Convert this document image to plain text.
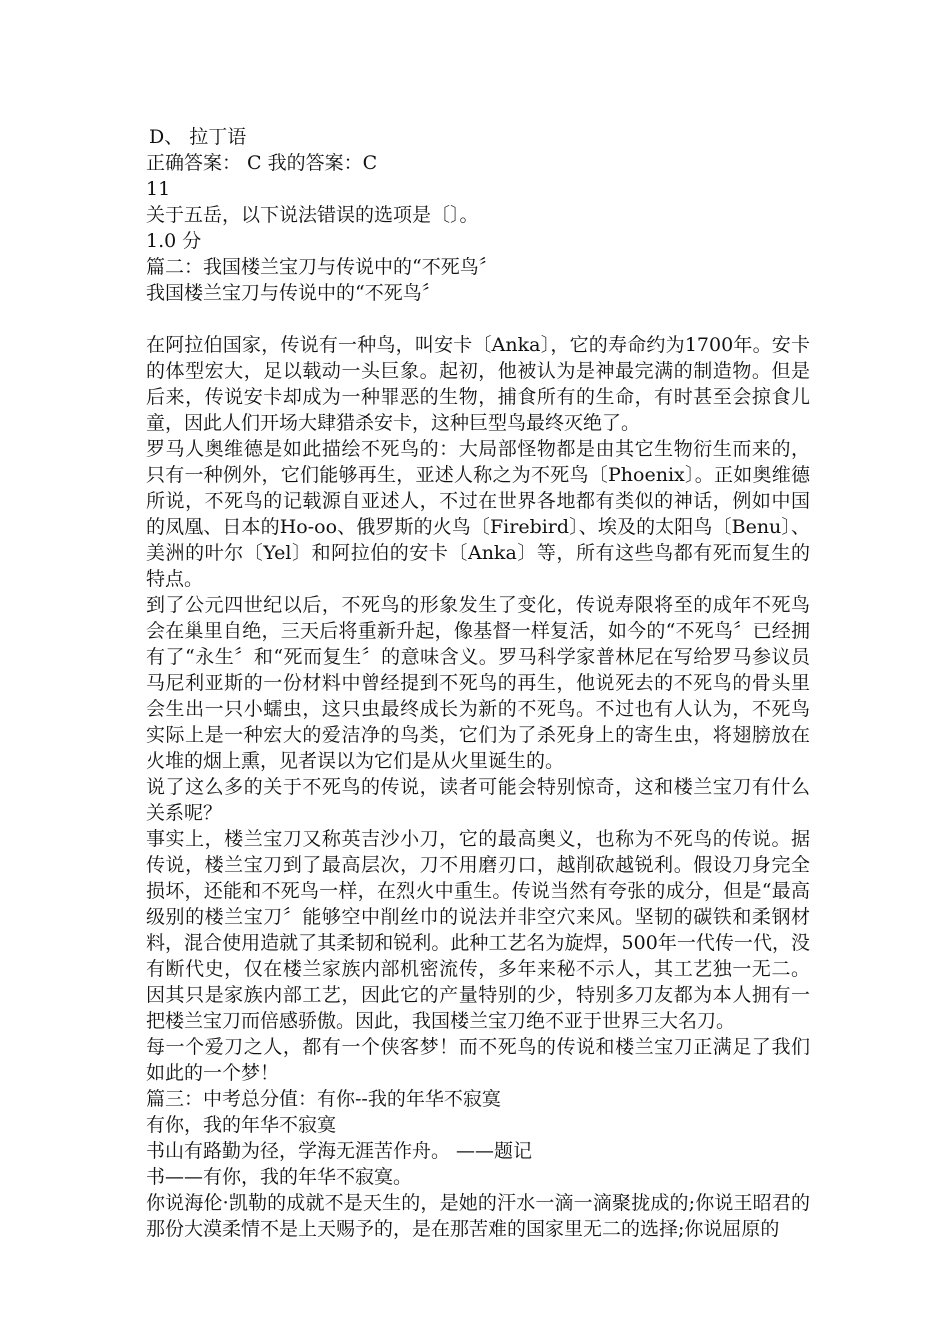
D、 拉丁语
正确答案： C 我的答案：C
11
关于五岳，以下说法错误的选项是〔〕。
1.0 分
篇二：我国楼兰宝刀与传说中的“不死鸟〞
我国楼兰宝刀与传说中的“不死鸟〞
在阿拉伯国家，传说有一种鸟，叫安卡〔Anka〕，它的寿命约为1700年。安卡的体型宏大，足以载动一头巨象。起初，他被认为是神最完满的制造物。但是后来，传说安卡却成为一种罪恶的生物，捕食所有的生命，有时甚至会掠食儿童，因此人们开场大肆猎杀安卡，这种巨型鸟最终灭绝了。
罗马人奥维德是如此描绘不死鸟的：大局部怪物都是由其它生物衍生而来的，只有一种例外，它们能够再生，亚述人称之为不死鸟〔Phoenix〕。正如奥维德所说，不死鸟的记载源自亚述人，不过在世界各地都有类似的神话，例如中国的凤凰、日本的Ho-oo、俄罗斯的火鸟〔Firebird〕、埃及的太阳鸟〔Benu〕、美洲的叶尔〔Yel〕和阿拉伯的安卡〔Anka〕等，所有这些鸟都有死而复生的特点。
到了公元四世纪以后，不死鸟的形象发生了变化，传说寿限将至的成年不死鸟会在巢里自绝，三天后将重新升起，像基督一样复活，如今的“不死鸟〞已经拥有了“永生〞和“死而复生〞的意味含义。罗马科学家普林尼在写给罗马参议员马尼利亚斯的一份材料中曾经提到不死鸟的再生，他说死去的不死鸟的骨头里会生出一只小蠕虫，这只虫最终成长为新的不死鸟。不过也有人认为，不死鸟实际上是一种宏大的爱洁净的鸟类，它们为了杀死身上的寄生虫，将翅膀放在火堆的烟上熏，见者误以为它们是从火里诞生的。
说了这么多的关于不死鸟的传说，读者可能会特别惊奇，这和楼兰宝刀有什么关系呢？
事实上，楼兰宝刀又称英吉沙小刀，它的最高奥义，也称为不死鸟的传说。据传说，楼兰宝刀到了最高层次，刀不用磨刃口，越削砍越锐利。假设刀身完全损坏，还能和不死鸟一样，在烈火中重生。传说当然有夸张的成分，但是“最高级别的楼兰宝刀〞能够空中削丝巾的说法并非空穴来风。坚韧的碳铁和柔钢材料，混合使用造就了其柔韧和锐利。此种工艺名为旋焊，500年一代传一代，没有断代史，仅在楼兰家族内部机密流传，多年来秘不示人，其工艺独一无二。因其只是家族内部工艺，因此它的产量特别的少，特别多刀友都为本人拥有一把楼兰宝刀而倍感骄傲。因此，我国楼兰宝刀绝不亚于世界三大名刀。
每一个爱刀之人，都有一个侠客梦！而不死鸟的传说和楼兰宝刀正满足了我们如此的一个梦！
篇三：中考总分值：有你--我的年华不寂寞
有你，我的年华不寂寞
书山有路勤为径，学海无涯苦作舟。 ——题记
书——有你，我的年华不寂寞。
你说海伦·凯勒的成就不是天生的，是她的汗水一滴一滴聚拢成的;你说王昭君的那份大漠柔情不是上天赐予的，是在那苦难的国家里无二的选择;你说屈原的
